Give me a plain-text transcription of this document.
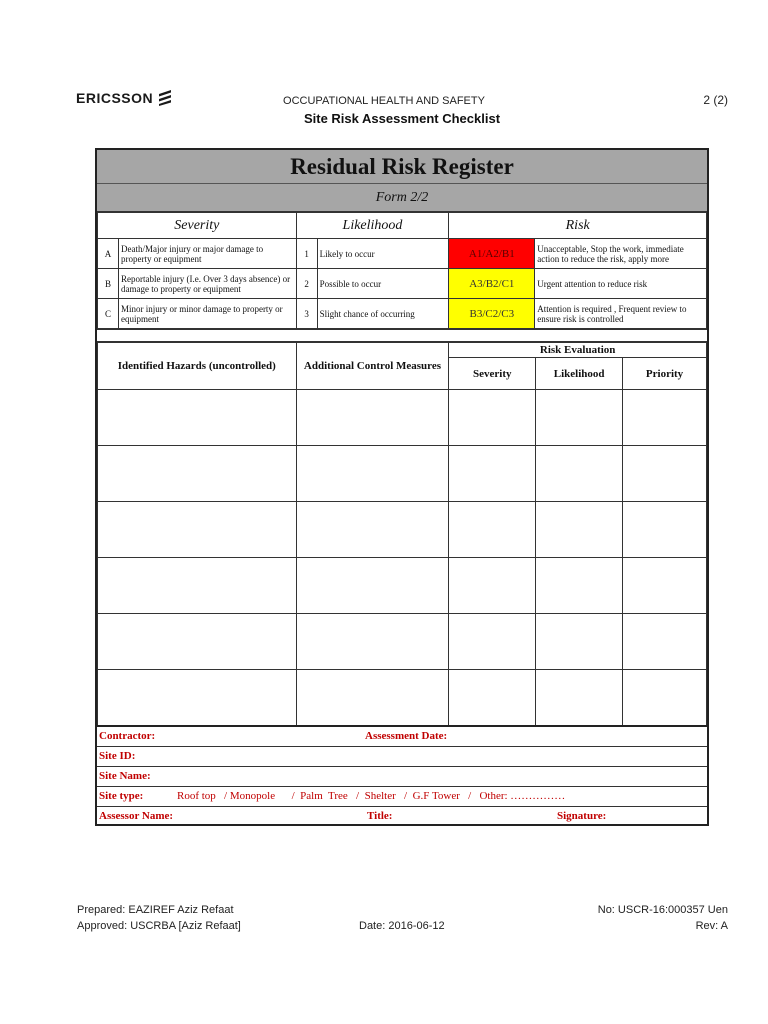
ERICSSON	OCCUPATIONAL HEALTH AND SAFETY
Site Risk Assessment Checklist
2 (2)
Residual Risk Register
Form 2/2
Severity		Likelihood		Risk	
A	Death/Major injury or major damage to property or equipment	1	Likely to occur	A1/A2/B1	Unacceptable, Stop the work, immediate action to reduce the risk, apply more
B	Reportable injury (I.e. Over 3 days absence) or damage to property or equipment	2	Possible to occur	A3/B2/C1	Urgent attention to reduce risk
C	Minor injury or minor damage to property or equipment	3	Slight chance of occurring	B3/C2/C3	Attention is required , Frequent review to ensure risk is controlled
Identified Hazards (uncontrolled)	Additional Control Measures	Risk Evaluation		
		Severity	Likelihood	Priority

Contractor:	Assessment Date:
Site ID:
Site Name:
Site type:	Roof top   / Monopole      /  Palm  Tree   /  Shelter   /  G.F Tower   /   Other: ……………
Assessor Name:	Title:	Signature:
Prepared: EAZIREF Aziz Refaat
Approved: USCRBA [Aziz Refaat]	Date: 2016-06-12
No: USCR-16:000357 Uen
Rev: A
